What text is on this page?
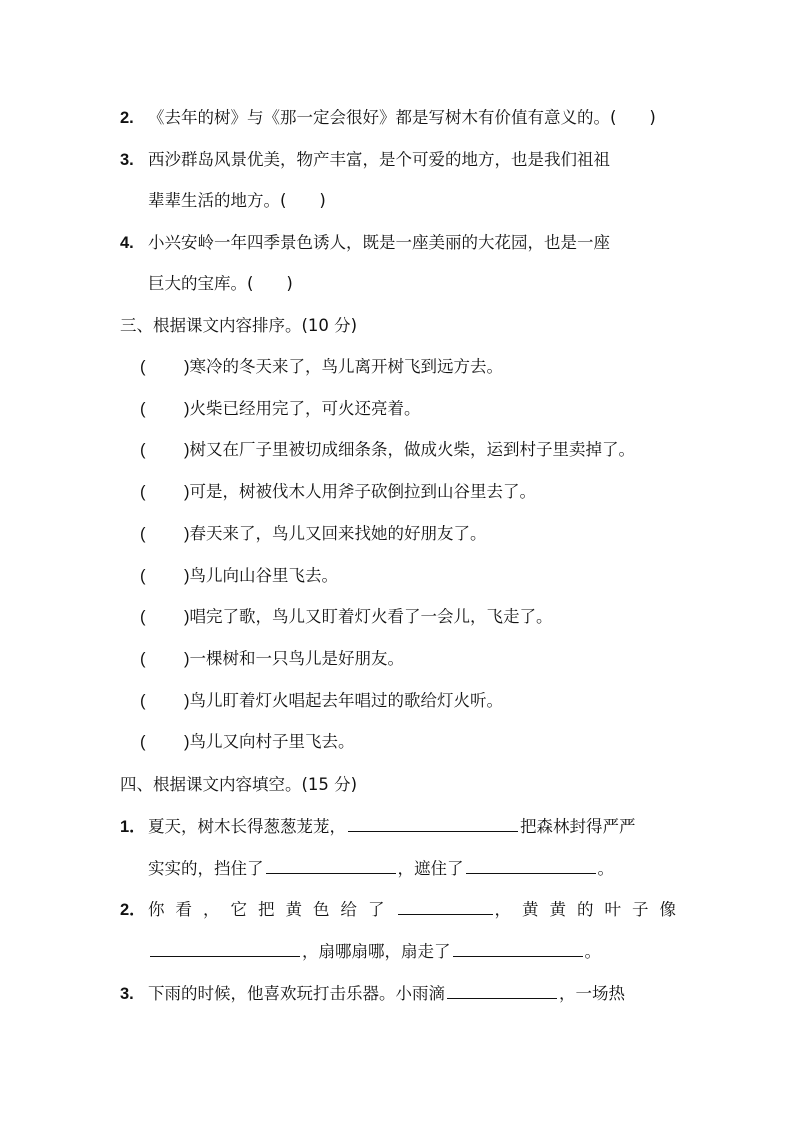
2. 《去年的树》与《那一定会很好》都是写树木有价值有意义的。(　　)
3. 西沙群岛风景优美，物产丰富，是个可爱的地方，也是我们祖祖
辈辈生活的地方。(　　)
4. 小兴安岭一年四季景色诱人，既是一座美丽的大花园，也是一座
巨大的宝库。(　　)
三、根据课文内容排序。(10 分)
( )寒冷的冬天来了，鸟儿离开树飞到远方去。
( )火柴已经用完了，可火还亮着。
( )树又在厂子里被切成细条条，做成火柴，运到村子里卖掉了。
( )可是，树被伐木人用斧子砍倒拉到山谷里去了。
( )春天来了，鸟儿又回来找她的好朋友了。
( )鸟儿向山谷里飞去。
( )唱完了歌，鸟儿又盯着灯火看了一会儿，飞走了。
( )一棵树和一只鸟儿是好朋友。
( )鸟儿盯着灯火唱起去年唱过的歌给灯火听。
( )鸟儿又向村子里飞去。
四、根据课文内容填空。(15 分)
1． 夏天，树木长得葱葱茏茏，	把森林封得严严
实实的，挡住了	，遮住了	。
2． 你看，它把黄色给了	，黄黄的叶子像
，扇哪扇哪，扇走了	。
3. 下雨的时候，他喜欢玩打击乐器。小雨滴	，一场热
